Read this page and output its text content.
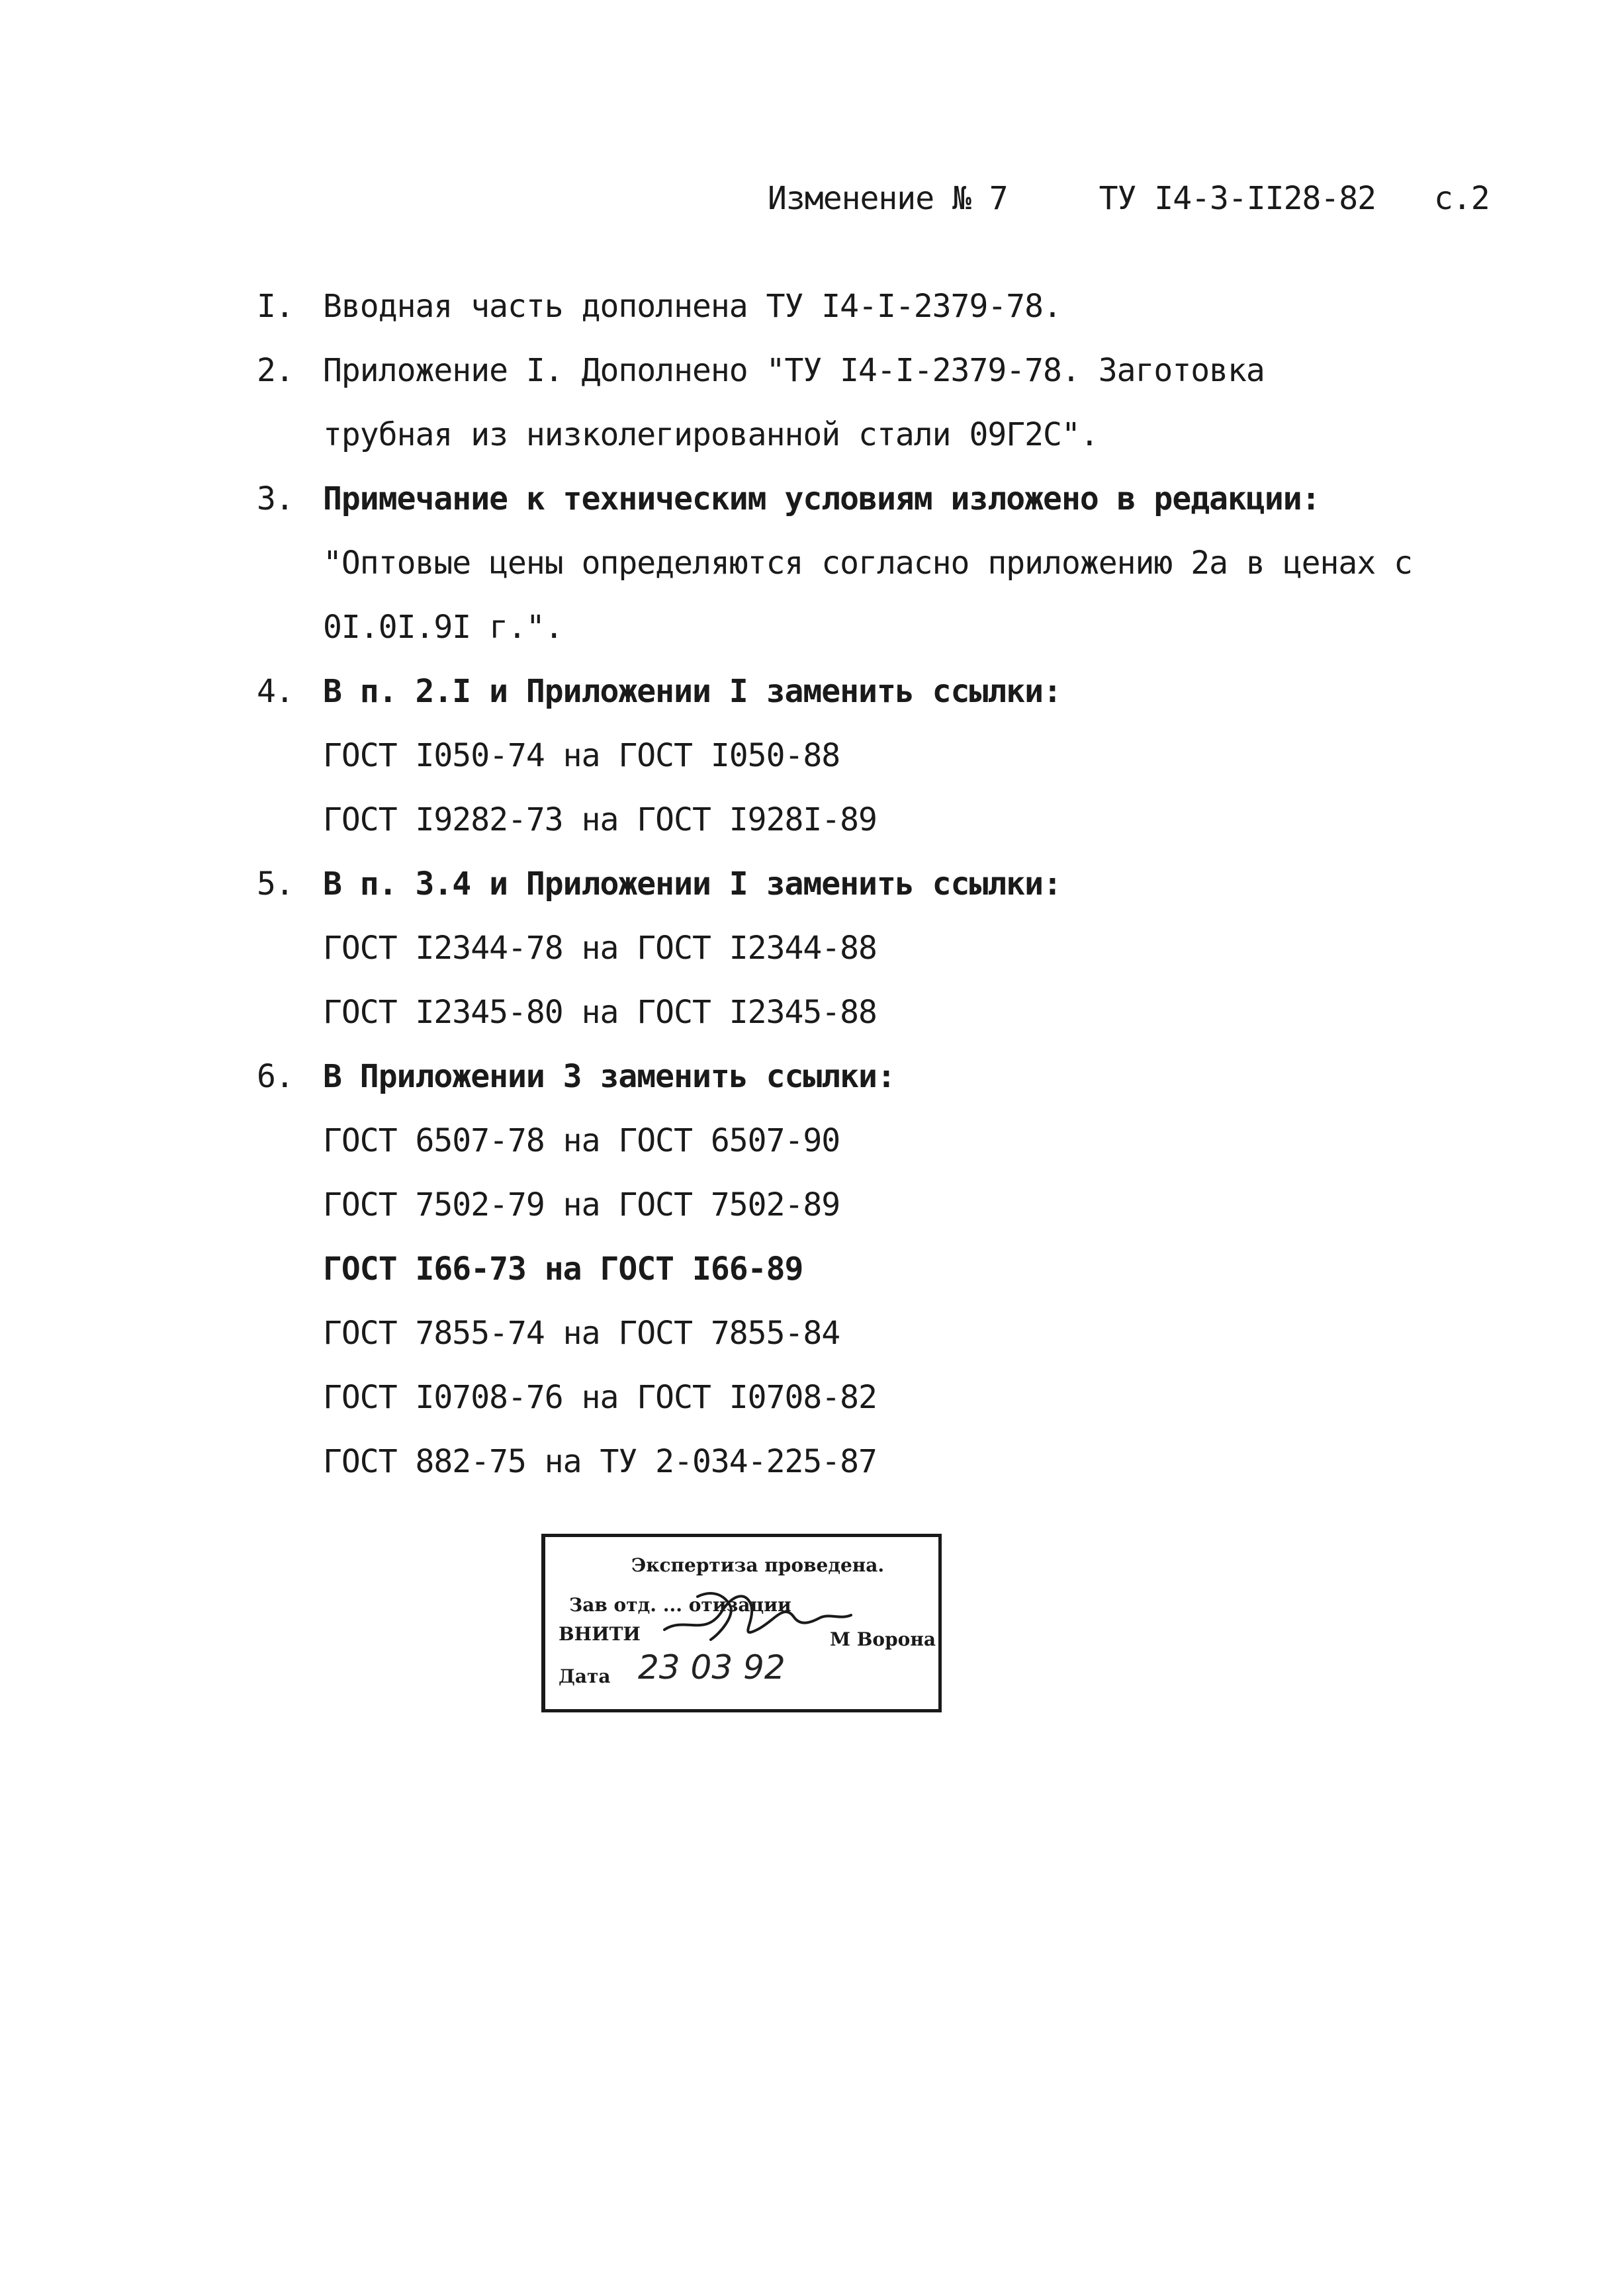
Изменение № 7	ТУ I4-3-II28-82 с.2
I. Вводная часть дополнена ТУ I4-I-2379-78.
2. Приложение I. Дополнено "ТУ I4-I-2379-78. Заготовка
трубная из низколегированной стали 09Г2С".
3. Примечание к техническим условиям изложено в редакции:
"Оптовые цены определяются согласно приложению 2а в ценах с
0I.0I.9I г.".
4. В п. 2.I и Приложении I заменить ссылки:
ГОСТ I050-74 на ГОСТ I050-88
ГОСТ I9282-73 на ГОСТ I928I-89
5. В п. 3.4 и Приложении I заменить ссылки:
ГОСТ I2344-78 на ГОСТ I2344-88
ГОСТ I2345-80 на ГОСТ I2345-88
6. В Приложении 3 заменить ссылки:
ГОСТ 6507-78 на ГОСТ 6507-90
ГОСТ 7502-79 на ГОСТ 7502-89
ГОСТ I66-73 на ГОСТ I66-89
ГОСТ 7855-74 на ГОСТ 7855-84
ГОСТ I0708-76 на ГОСТ I0708-82
ГОСТ 882-75 на ТУ 2-034-225-87
Экспертиза проведена.
Зав отд. ... отизации
ВНИТИ	М Ворона
Дата 23 03 92
